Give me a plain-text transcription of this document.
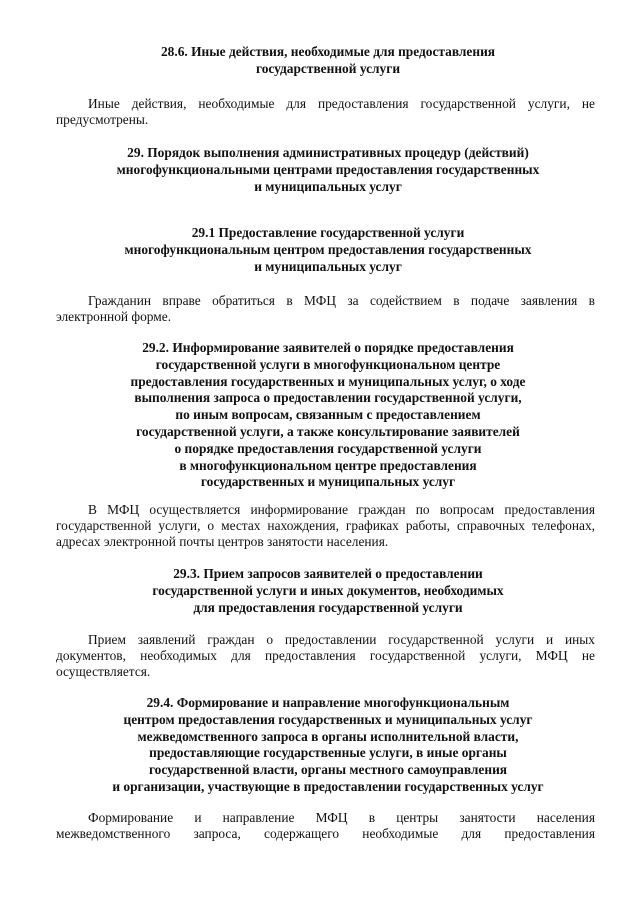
28.6. Иные действия, необходимые для предоставления
государственной услуги
Иные действия, необходимые для предоставления государственной услуги, не
предусмотрены.
29. Порядок выполнения административных процедур (действий)
многофункциональными центрами предоставления государственных
и муниципальных услуг
29.1 Предоставление государственной услуги
многофункциональным центром предоставления государственных
и муниципальных услуг
Гражданин вправе обратиться в МФЦ за содействием в подаче заявления в
электронной форме.
29.2. Информирование заявителей о порядке предоставления
государственной услуги в многофункциональном центре
предоставления государственных и муниципальных услуг, о ходе
выполнения запроса о предоставлении государственной услуги,
по иным вопросам, связанным с предоставлением
государственной услуги, а также консультирование заявителей
о порядке предоставления государственной услуги
в многофункциональном центре предоставления
государственных и муниципальных услуг
В МФЦ осуществляется информирование граждан по вопросам предоставления
государственной услуги, о местах нахождения, графиках работы, справочных телефонах,
адресах электронной почты центров занятости населения.
29.3. Прием запросов заявителей о предоставлении
государственной услуги и иных документов, необходимых
для предоставления государственной услуги
Прием заявлений граждан о предоставлении государственной услуги и иных
документов, необходимых для предоставления государственной услуги, МФЦ не
осуществляется.
29.4. Формирование и направление многофункциональным
центром предоставления государственных и муниципальных услуг
межведомственного запроса в органы исполнительной власти,
предоставляющие государственные услуги, в иные органы
государственной власти, органы местного самоуправления
и организации, участвующие в предоставлении государственных услуг
Формирование и направление МФЦ в центры занятости населения
межведомственного запроса, содержащего необходимые для предоставления
